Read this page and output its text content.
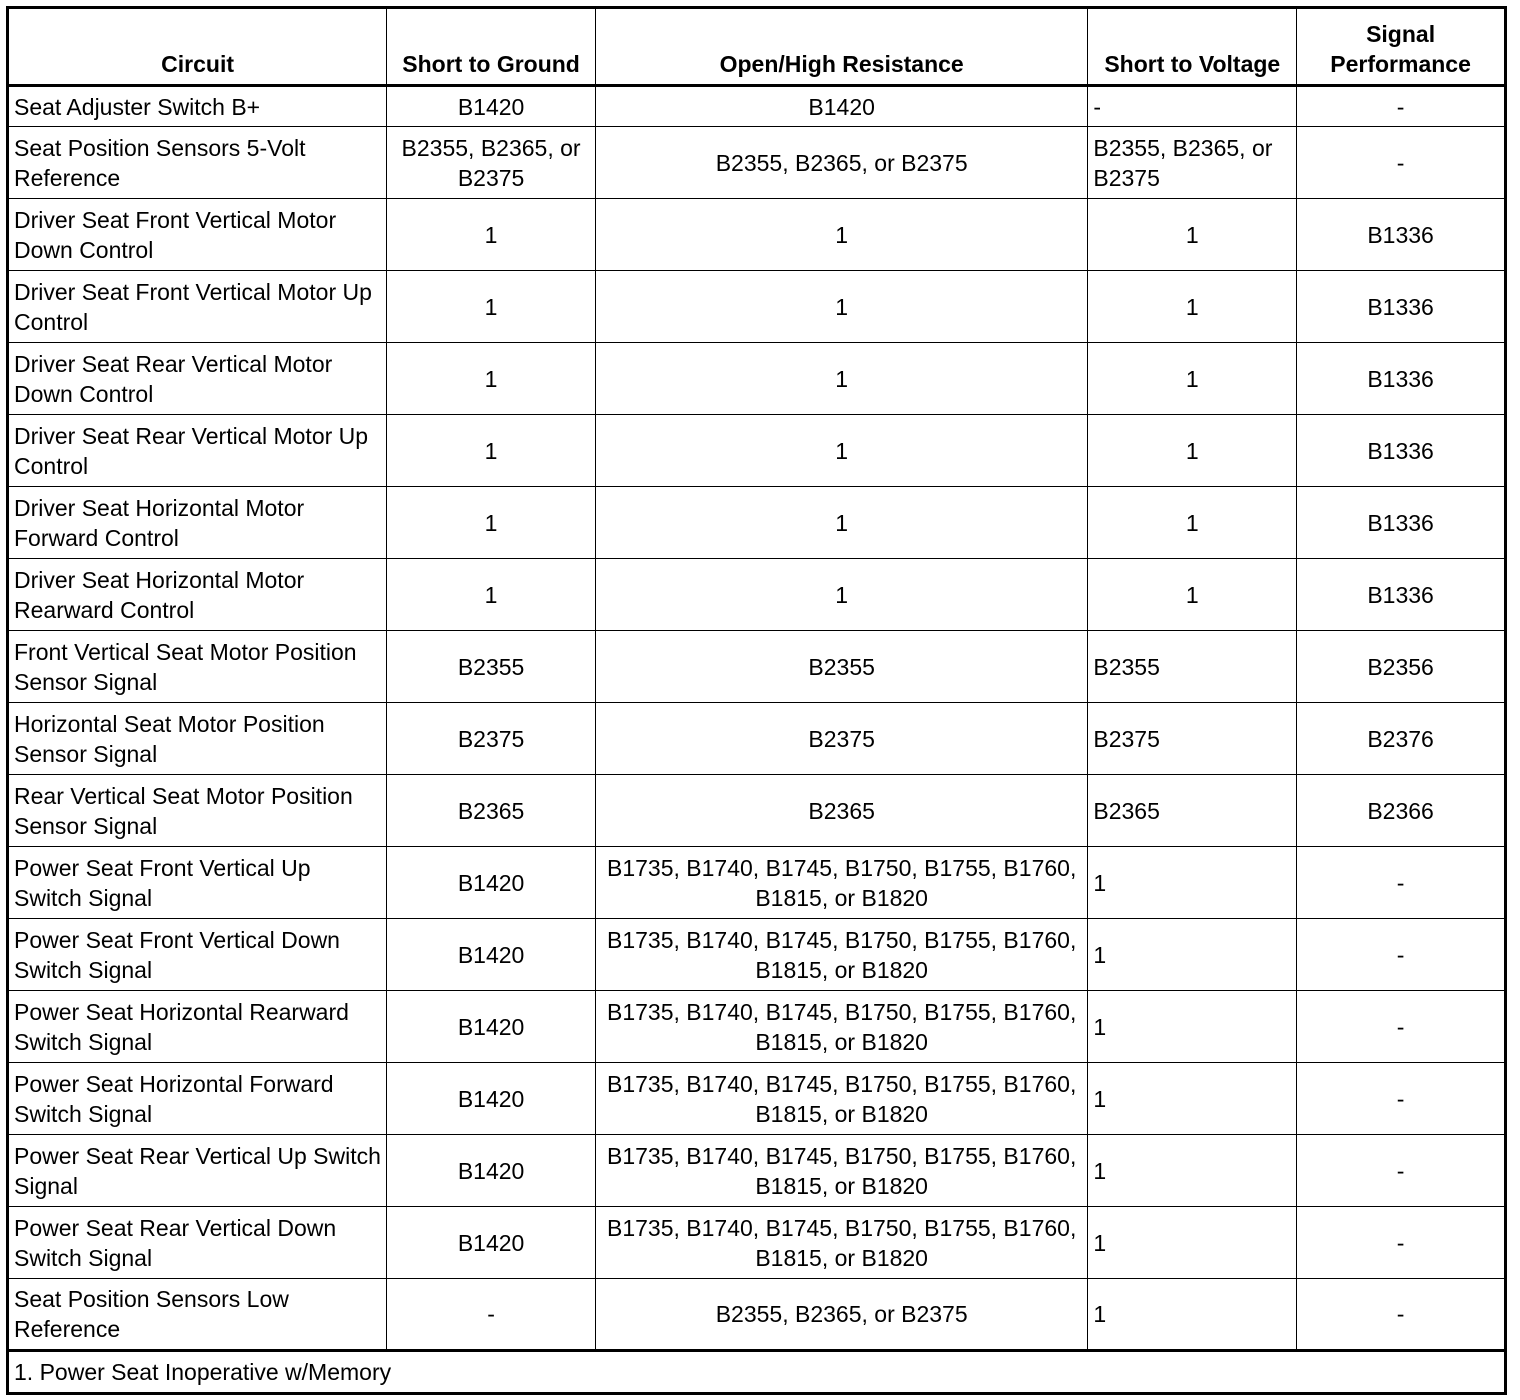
Circuit	Short to Ground	Open/High Resistance	Short to Voltage	Signal Performance
Seat Adjuster Switch B+	B1420	B1420	-	-
Seat Position Sensors 5-Volt Reference	B2355, B2365, or B2375	B2355, B2365, or B2375	B2355, B2365, or B2375	-
Driver Seat Front Vertical Motor Down Control	1	1	1	B1336
Driver Seat Front Vertical Motor Up Control	1	1	1	B1336
Driver Seat Rear Vertical Motor Down Control	1	1	1	B1336
Driver Seat Rear Vertical Motor Up Control	1	1	1	B1336
Driver Seat Horizontal Motor Forward Control	1	1	1	B1336
Driver Seat Horizontal Motor Rearward Control	1	1	1	B1336
Front Vertical Seat Motor Position Sensor Signal	B2355	B2355	B2355	B2356
Horizontal Seat Motor Position Sensor Signal	B2375	B2375	B2375	B2376
Rear Vertical Seat Motor Position Sensor Signal	B2365	B2365	B2365	B2366
Power Seat Front Vertical Up Switch Signal	B1420	B1735, B1740, B1745, B1750, B1755, B1760, B1815, or B1820	1	-
Power Seat Front Vertical Down Switch Signal	B1420	B1735, B1740, B1745, B1750, B1755, B1760, B1815, or B1820	1	-
Power Seat Horizontal Rearward Switch Signal	B1420	B1735, B1740, B1745, B1750, B1755, B1760, B1815, or B1820	1	-
Power Seat Horizontal Forward Switch Signal	B1420	B1735, B1740, B1745, B1750, B1755, B1760, B1815, or B1820	1	-
Power Seat Rear Vertical Up Switch Signal	B1420	B1735, B1740, B1745, B1750, B1755, B1760, B1815, or B1820	1	-
Power Seat Rear Vertical Down Switch Signal	B1420	B1735, B1740, B1745, B1750, B1755, B1760, B1815, or B1820	1	-
Seat Position Sensors Low Reference	-	B2355, B2365, or B2375	1	-
1. Power Seat Inoperative w/Memory				
